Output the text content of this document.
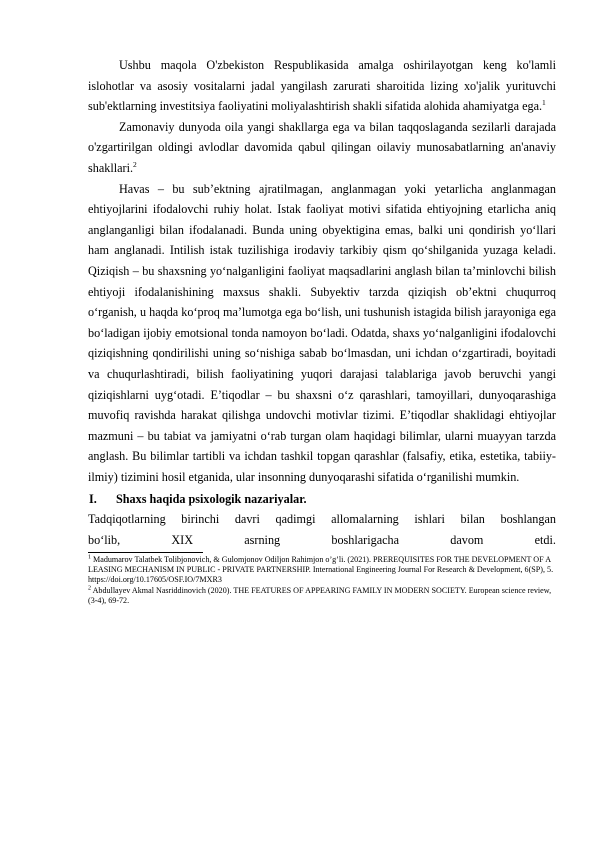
Ushbu maqola O'zbekiston Respublikasida amalga oshirilayotgan keng ko'lamli islohotlar va asosiy vositalarni jadal yangilash zarurati sharoitida lizing xo'jalik yurituvchi sub'ektlarning investitsiya faoliyatini moliyalashtirish shakli sifatida alohida ahamiyatga ega.$^1$

Zamonaviy dunyoda oila yangi shakllarga ega va bilan taqqoslaganda sezilarli darajada o'zgartirilgan oldingi avlodlar davomida qabul qilingan oilaviy munosabatlarning an'anaviy shakllari.$^2$

Havas – bu sub’ektning ajratilmagan, anglanmagan yoki yetarlicha anglanmagan ehtiyojlarini ifodalovchi ruhiy holat. Istak faoliyat motivi sifatida ehtiyojning etarlicha aniq anglanganligi bilan ifodalanadi. Bunda uning obyektigina emas, balki uni qondirish yo‘llari ham anglanadi. Intilish istak tuzilishiga irodaviy tarkibiy qism qo‘shilganida yuzaga keladi. Qiziqish – bu shaxsning yo‘nalganligini faoliyat maqsadlarini anglash bilan ta’minlovchi bilish ehtiyoji ifodalanishining maxsus shakli. Subyektiv tarzda qiziqish ob’ektni chuqurroq o‘rganish, u haqda ko‘proq ma’lumotga ega bo‘lish, uni tushunish istagida bilish jarayoniga ega bo‘ladigan ijobiy emotsional tonda namoyon bo‘ladi. Odatda, shaxs yo‘nalganligini ifodalovchi qiziqishning qondirilishi uning so‘nishiga sabab bo‘lmasdan, uni ichdan o‘zgartiradi, boyitadi va chuqurlashtiradi, bilish faoliyatining yuqori darajasi talablariga javob beruvchi yangi qiziqishlarni uyg‘otadi. E’tiqodlar – bu shaxsni o‘z qarashlari, tamoyillari, dunyoqarashiga muvofiq ravishda harakat qilishga undovchi motivlar tizimi. E’tiqodlar shaklidagi ehtiyojlar mazmuni – bu tabiat va jamiyatni o‘rab turgan olam haqidagi bilimlar, ularni muayyan tarzda anglash. Bu bilimlar tartibli va ichdan tashkil topgan qarashlar (falsafiy, etika, estetika, tabiiy-ilmiy) tizimini hosil etganida, ular insonning dunyoqarashi sifatida o‘rganilishi mumkin.

I. Shaxs haqida psixologik nazariyalar.

Tadqiqotlarning birinchi davri qadimgi allomalarning ishlari bilan boshlangan

bo‘lib,	XIX	asrning	boshlarigacha	davom	etdi.

$^1$ Madumarov Talatbek Tolibjonovich, & Gulomjonov Odiljon Rahimjon o’g’li. (2021). PREREQUISITES FOR THE DEVELOPMENT OF A LEASING MECHANISM IN PUBLIC - PRIVATE PARTNERSHIP. International Engineering Journal For Research & Development, 6(SP), 5. https://doi.org/10.17605/OSF.IO/7MXR3

$^2$ Abdullayev Akmal Nasriddinovich (2020). THE FEATURES OF APPEARING FAMILY IN MODERN SOCIETY. European science review, (3-4), 69-72.
